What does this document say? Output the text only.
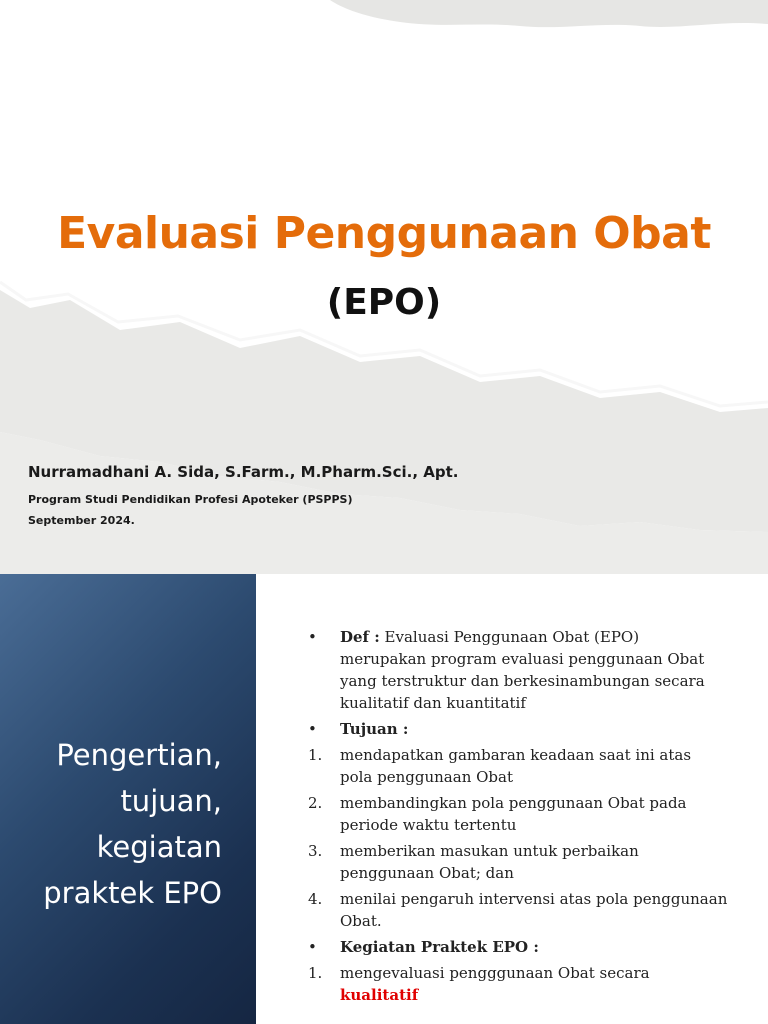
Evaluasi Penggunaan Obat
(EPO)
Nurramadhani A. Sida, S.Farm., M.Pharm.Sci., Apt.
Program Studi Pendidikan Profesi Apoteker (PSPPS)
September 2024.
Pengertian, tujuan, kegiatan praktek EPO
•	Def : Evaluasi Penggunaan Obat (EPO) merupakan program evaluasi penggunaan Obat yang terstruktur dan berkesinambungan secara kualitatif dan kuantitatif
•	Tujuan :
1.	mendapatkan gambaran keadaan saat ini atas pola penggunaan Obat
2.	membandingkan pola penggunaan Obat pada periode waktu tertentu
3.	memberikan masukan untuk perbaikan penggunaan Obat; dan
4.	menilai pengaruh intervensi atas pola penggunaan Obat.
•	Kegiatan Praktek EPO :
1.	mengevaluasi pengggunaan Obat secara kualitatif
